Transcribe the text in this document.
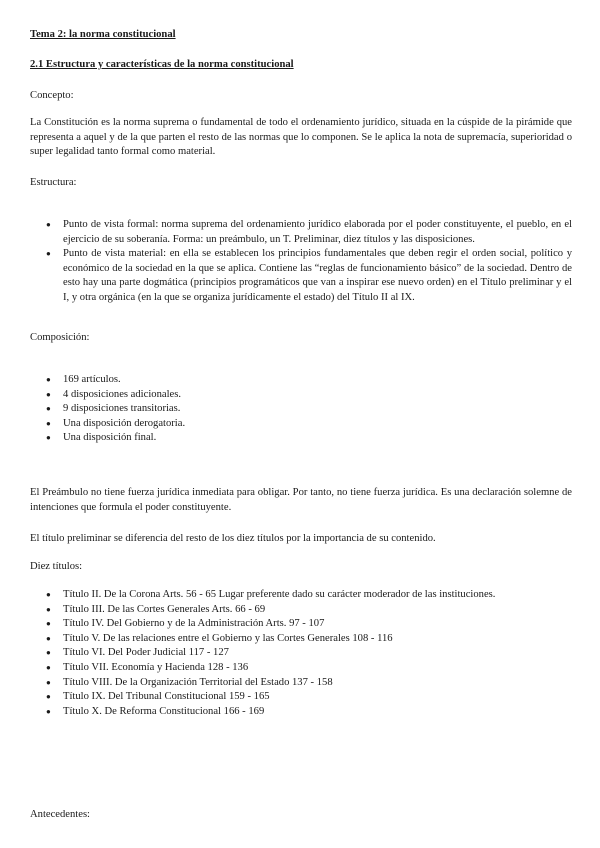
Tema 2: la norma constitucional

2.1 Estructura y características de la norma constitucional

Concepto:

La Constitución es la norma suprema o fundamental de todo el ordenamiento jurídico, situada en la cúspide de la pirámide que representa a aquel y de la que parten el resto de las normas que lo componen. Se le aplica la nota de supremacía, superioridad o super legalidad tanto formal como material.

Estructura:

● Punto de vista formal: norma suprema del ordenamiento jurídico elaborada por el poder constituyente, el pueblo, en el ejercicio de su soberanía. Forma: un preámbulo, un T. Preliminar, diez títulos y las disposiciones.
● Punto de vista material: en ella se establecen los principios fundamentales que deben regir el orden social, político y económico de la sociedad en la que se aplica. Contiene las “reglas de funcionamiento básico” de la sociedad. Dentro de esto hay una parte dogmática (principios programáticos que van a inspirar ese nuevo orden) en el Título preliminar y el I, y otra orgánica (en la que se organiza jurídicamente el estado) del Título II al IX.

Composición:

● 169 artículos.
● 4 disposiciones adicionales.
● 9 disposiciones transitorias.
● Una disposición derogatoria.
● Una disposición final.

El Preámbulo no tiene fuerza jurídica inmediata para obligar. Por tanto, no tiene fuerza jurídica. Es una declaración solemne de intenciones que formula el poder constituyente.

El título preliminar se diferencia del resto de los diez títulos por la importancia de su contenido.

Diez títulos:

● Título II. De la Corona Arts. 56 - 65 Lugar preferente dado su carácter moderador de las instituciones.
● Título III. De las Cortes Generales Arts. 66 - 69
● Título IV. Del Gobierno y de la Administración Arts. 97 - 107
● Título V. De las relaciones entre el Gobierno y las Cortes Generales 108 - 116
● Título VI. Del Poder Judicial 117 - 127
● Título VII. Economía y Hacienda 128 - 136
● Título VIII. De la Organización Territorial del Estado 137 - 158
● Título IX. Del Tribunal Constitucional 159 - 165
● Título X. De Reforma Constitucional 166 - 169

Antecedentes:
